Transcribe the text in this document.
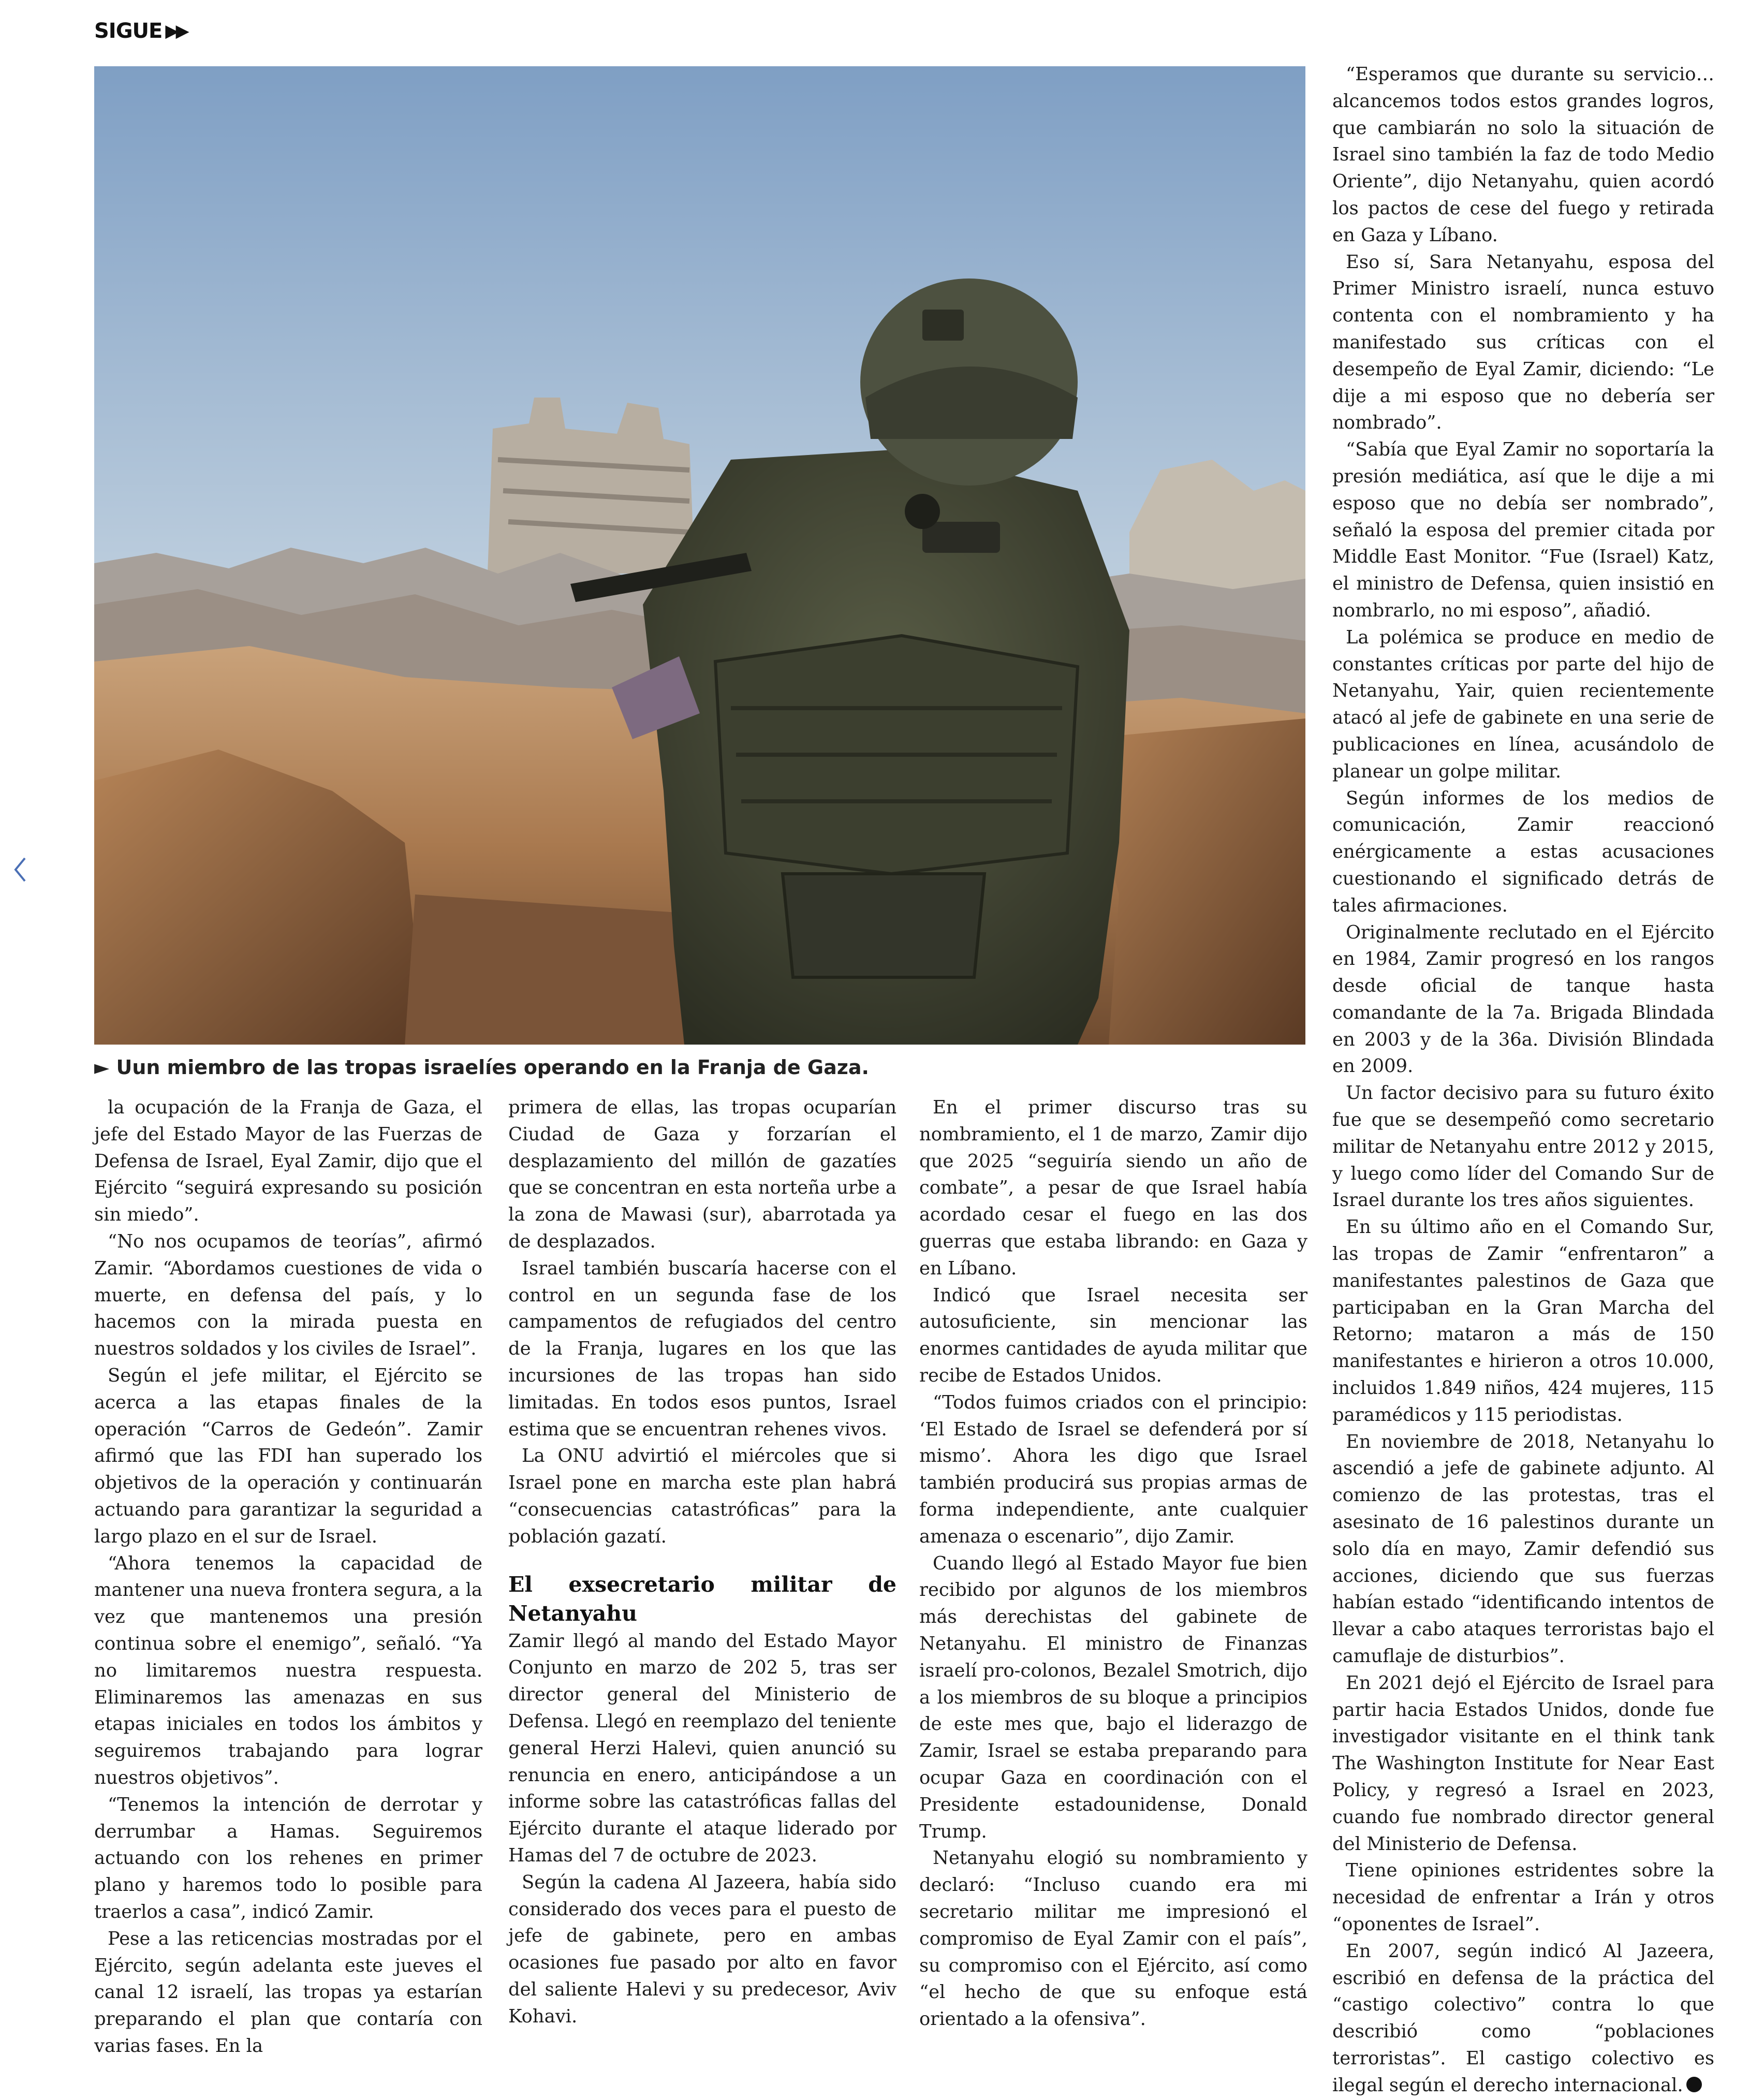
SIGUE ▶▶
► Uun miembro de las tropas israelíes operando en la Franja de Gaza.

la ocupación de la Franja de Gaza, el jefe del Estado Mayor de las Fuerzas de Defensa de Israel, Eyal Zamir, dijo que el Ejército “seguirá expresando su posición sin miedo”.

“No nos ocupamos de teorías”, afirmó Zamir. “Abordamos cuestiones de vida o muerte, en defensa del país, y lo hacemos con la mirada puesta en nuestros soldados y los civiles de Israel”.

Según el jefe militar, el Ejército se acerca a las etapas finales de la operación “Carros de Gedeón”. Zamir afirmó que las FDI han superado los objetivos de la operación y continuarán actuando para garantizar la seguridad a largo plazo en el sur de Israel.

“Ahora tenemos la capacidad de mantener una nueva frontera segura, a la vez que mantenemos una presión continua sobre el enemigo”, señaló. “Ya no limitaremos nuestra respuesta. Eliminaremos las amenazas en sus etapas iniciales en todos los ámbitos y seguiremos trabajando para lograr nuestros objetivos”.

“Tenemos la intención de derrotar y derrumbar a Hamas. Seguiremos actuando con los rehenes en primer plano y haremos todo lo posible para traerlos a casa”, indicó Zamir.

Pese a las reticencias mostradas por el Ejército, según adelanta este jueves el canal 12 israelí, las tropas ya estarían preparando el plan que contaría con varias fases. En la

primera de ellas, las tropas ocuparían Ciudad de Gaza y forzarían el desplazamiento del millón de gazatíes que se concentran en esta norteña urbe a la zona de Mawasi (sur), abarrotada ya de desplazados.

Israel también buscaría hacerse con el control en un segunda fase de los campamentos de refugiados del centro de la Franja, lugares en los que las incursiones de las tropas han sido limitadas. En todos esos puntos, Israel estima que se encuentran rehenes vivos.

La ONU advirtió el miércoles que si Israel pone en marcha este plan habrá “consecuencias catastróficas” para la población gazatí.

El exsecretario militar de Netanyahu

Zamir llegó al mando del Estado Mayor Conjunto en marzo de 202 5, tras ser director general del Ministerio de Defensa. Llegó en reemplazo del teniente general Herzi Halevi, quien anunció su renuncia en enero, anticipándose a un informe sobre las catastróficas fallas del Ejército durante el ataque liderado por Hamas del 7 de octubre de 2023.

Según la cadena Al Jazeera, había sido considerado dos veces para el puesto de jefe de gabinete, pero en ambas ocasiones fue pasado por alto en favor del saliente Halevi y su predecesor, Aviv Kohavi.

En el primer discurso tras su nombramiento, el 1 de marzo, Zamir dijo que 2025 “seguiría siendo un año de combate”, a pesar de que Israel había acordado cesar el fuego en las dos guerras que estaba librando: en Gaza y en Líbano.

Indicó que Israel necesita ser autosuficiente, sin mencionar las enormes cantidades de ayuda militar que recibe de Estados Unidos.

“Todos fuimos criados con el principio: ‘El Estado de Israel se defenderá por sí mismo’. Ahora les digo que Israel también producirá sus propias armas de forma independiente, ante cualquier amenaza o escenario”, dijo Zamir.

Cuando llegó al Estado Mayor fue bien recibido por algunos de los miembros más derechistas del gabinete de Netanyahu. El ministro de Finanzas israelí pro-colonos, Bezalel Smotrich, dijo a los miembros de su bloque a principios de este mes que, bajo el liderazgo de Zamir, Israel se estaba preparando para ocupar Gaza en coordinación con el Presidente estadounidense, Donald Trump.

Netanyahu elogió su nombramiento y declaró: “Incluso cuando era mi secretario militar me impresionó el compromiso de Eyal Zamir con el país”, su compromiso con el Ejército, así como “el hecho de que su enfoque está orientado a la ofensiva”.

“Esperamos que durante su servicio… alcancemos todos estos grandes logros, que cambiarán no solo la situación de Israel sino también la faz de todo Medio Oriente”, dijo Netanyahu, quien acordó los pactos de cese del fuego y retirada en Gaza y Líbano.

Eso sí, Sara Netanyahu, esposa del Primer Ministro israelí, nunca estuvo contenta con el nombramiento y ha manifestado sus críticas con el desempeño de Eyal Zamir, diciendo: “Le dije a mi esposo que no debería ser nombrado”.

“Sabía que Eyal Zamir no soportaría la presión mediática, así que le dije a mi esposo que no debía ser nombrado”, señaló la esposa del premier citada por Middle East Monitor. “Fue (Israel) Katz, el ministro de Defensa, quien insistió en nombrarlo, no mi esposo”, añadió.

La polémica se produce en medio de constantes críticas por parte del hijo de Netanyahu, Yair, quien recientemente atacó al jefe de gabinete en una serie de publicaciones en línea, acusándolo de planear un golpe militar.

Según informes de los medios de comunicación, Zamir reaccionó enérgicamente a estas acusaciones cuestionando el significado detrás de tales afirmaciones.

Originalmente reclutado en el Ejército en 1984, Zamir progresó en los rangos desde oficial de tanque hasta comandante de la 7a. Brigada Blindada en 2003 y de la 36a. División Blindada en 2009.

Un factor decisivo para su futuro éxito fue que se desempeñó como secretario militar de Netanyahu entre 2012 y 2015, y luego como líder del Comando Sur de Israel durante los tres años siguientes.

En su último año en el Comando Sur, las tropas de Zamir “enfrentaron” a manifestantes palestinos de Gaza que participaban en la Gran Marcha del Retorno; mataron a más de 150 manifestantes e hirieron a otros 10.000, incluidos 1.849 niños, 424 mujeres, 115 paramédicos y 115 periodistas.

En noviembre de 2018, Netanyahu lo ascendió a jefe de gabinete adjunto. Al comienzo de las protestas, tras el asesinato de 16 palestinos durante un solo día en mayo, Zamir defendió sus acciones, diciendo que sus fuerzas habían estado “identificando intentos de llevar a cabo ataques terroristas bajo el camuflaje de disturbios”.

En 2021 dejó el Ejército de Israel para partir hacia Estados Unidos, donde fue investigador visitante en el think tank The Washington Institute for Near East Policy, y regresó a Israel en 2023, cuando fue nombrado director general del Ministerio de Defensa.

Tiene opiniones estridentes sobre la necesidad de enfrentar a Irán y otros “oponentes de Israel”.

En 2007, según indicó Al Jazeera, escribió en defensa de la práctica del “castigo colectivo” contra lo que describió como “poblaciones terroristas”. El castigo colectivo es ilegal según el derecho internacional.
